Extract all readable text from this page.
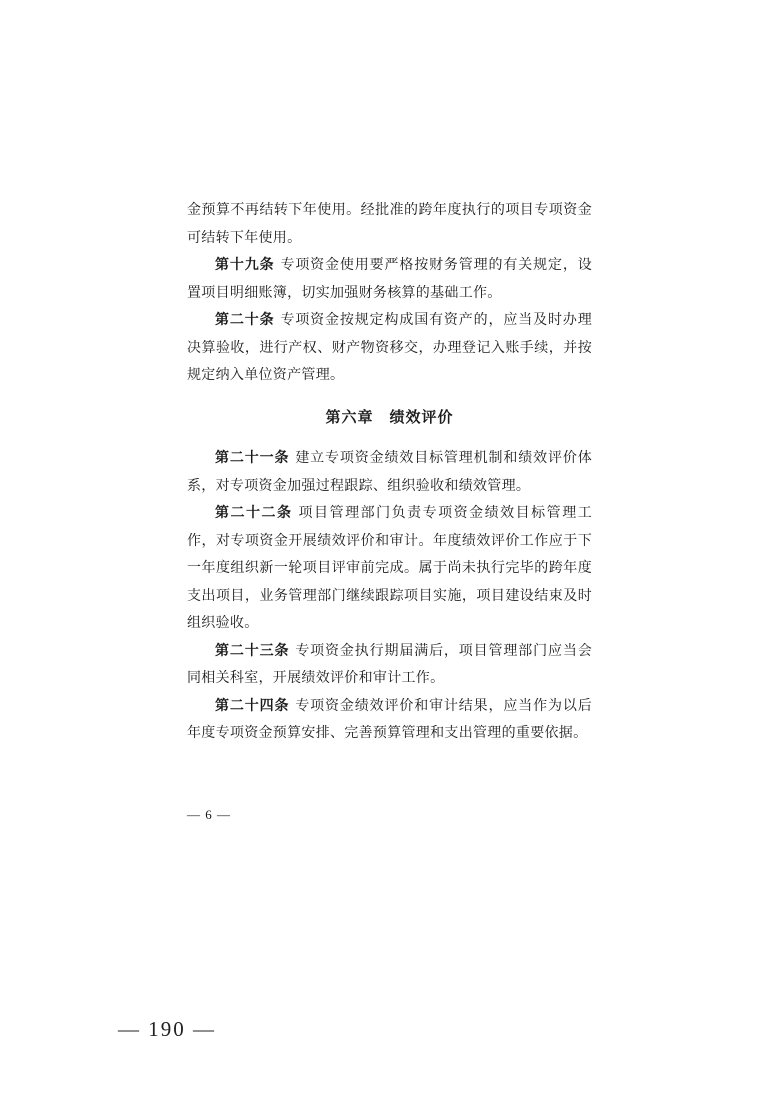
金预算不再结转下年使用。经批准的跨年度执行的项目专项资金可结转下年使用。

第十九条 专项资金使用要严格按财务管理的有关规定，设置项目明细账簿，切实加强财务核算的基础工作。

第二十条 专项资金按规定构成国有资产的，应当及时办理决算验收，进行产权、财产物资移交，办理登记入账手续，并按规定纳入单位资产管理。

第六章　绩效评价

第二十一条 建立专项资金绩效目标管理机制和绩效评价体系，对专项资金加强过程跟踪、组织验收和绩效管理。

第二十二条 项目管理部门负责专项资金绩效目标管理工作，对专项资金开展绩效评价和审计。年度绩效评价工作应于下一年度组织新一轮项目评审前完成。属于尚未执行完毕的跨年度支出项目，业务管理部门继续跟踪项目实施，项目建设结束及时组织验收。

第二十三条 专项资金执行期届满后，项目管理部门应当会同相关科室，开展绩效评价和审计工作。

第二十四条 专项资金绩效评价和审计结果，应当作为以后年度专项资金预算安排、完善预算管理和支出管理的重要依据。

— 6 —
— 190 —
